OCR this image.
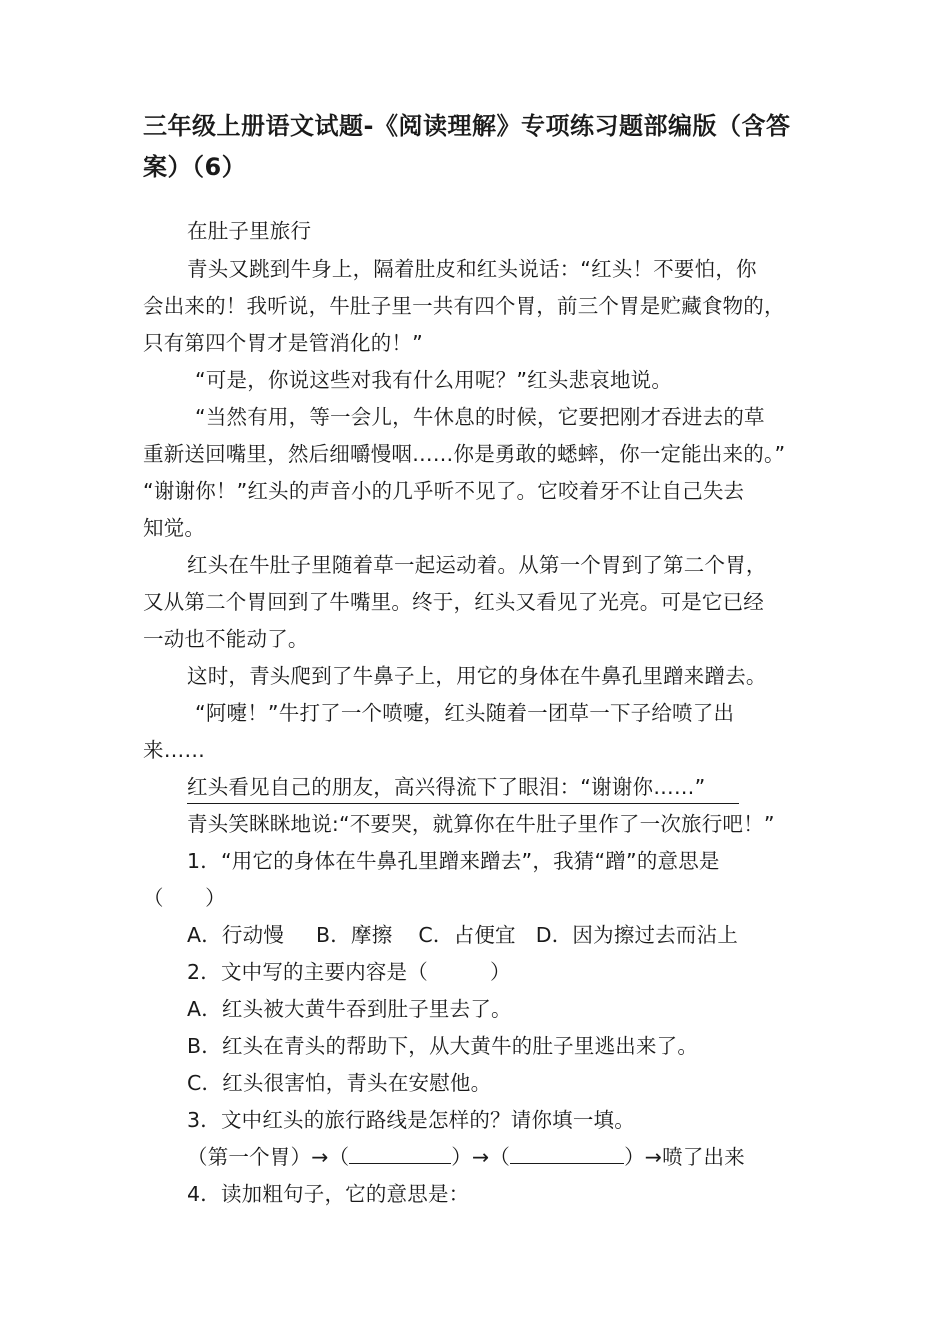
三年级上册语文试题-《阅读理解》专项练习题部编版（含答案）（6）
在肚子里旅行
青头又跳到牛身上，隔着肚皮和红头说话：“红头！不要怕，你
会出来的！我听说，牛肚子里一共有四个胃，前三个胃是贮藏食物的，
只有第四个胃才是管消化的！”
“可是，你说这些对我有什么用呢？”红头悲哀地说。
“当然有用，等一会儿，牛休息的时候，它要把刚才吞进去的草
重新送回嘴里，然后细嚼慢咽……你是勇敢的蟋蟀，你一定能出来的。”
“谢谢你！”红头的声音小的几乎听不见了。它咬着牙不让自己失去
知觉。
红头在牛肚子里随着草一起运动着。从第一个胃到了第二个胃，
又从第二个胃回到了牛嘴里。终于，红头又看见了光亮。可是它已经
一动也不能动了。
这时，青头爬到了牛鼻子上，用它的身体在牛鼻孔里蹭来蹭去。
“阿嚏！”牛打了一个喷嚏，红头随着一团草一下子给喷了出
来……
红头看见自己的朋友，高兴得流下了眼泪：“谢谢你……”
青头笑眯眯地说:“不要哭，就算你在牛肚子里作了一次旅行吧！”
1．“用它的身体在牛鼻孔里蹭来蹭去”，我猜“蹭”的意思是
（　　）
A．行动慢 B．摩擦 C．占便宜 D．因为擦过去而沾上
2．文中写的主要内容是（　　　）
A．红头被大黄牛吞到肚子里去了。
B．红头在青头的帮助下，从大黄牛的肚子里逃出来了。
C．红头很害怕，青头在安慰他。
3．文中红头的旅行路线是怎样的？请你填一填。
（第一个胃）→（	）→（	）→喷了出来
4．读加粗句子，它的意思是：
